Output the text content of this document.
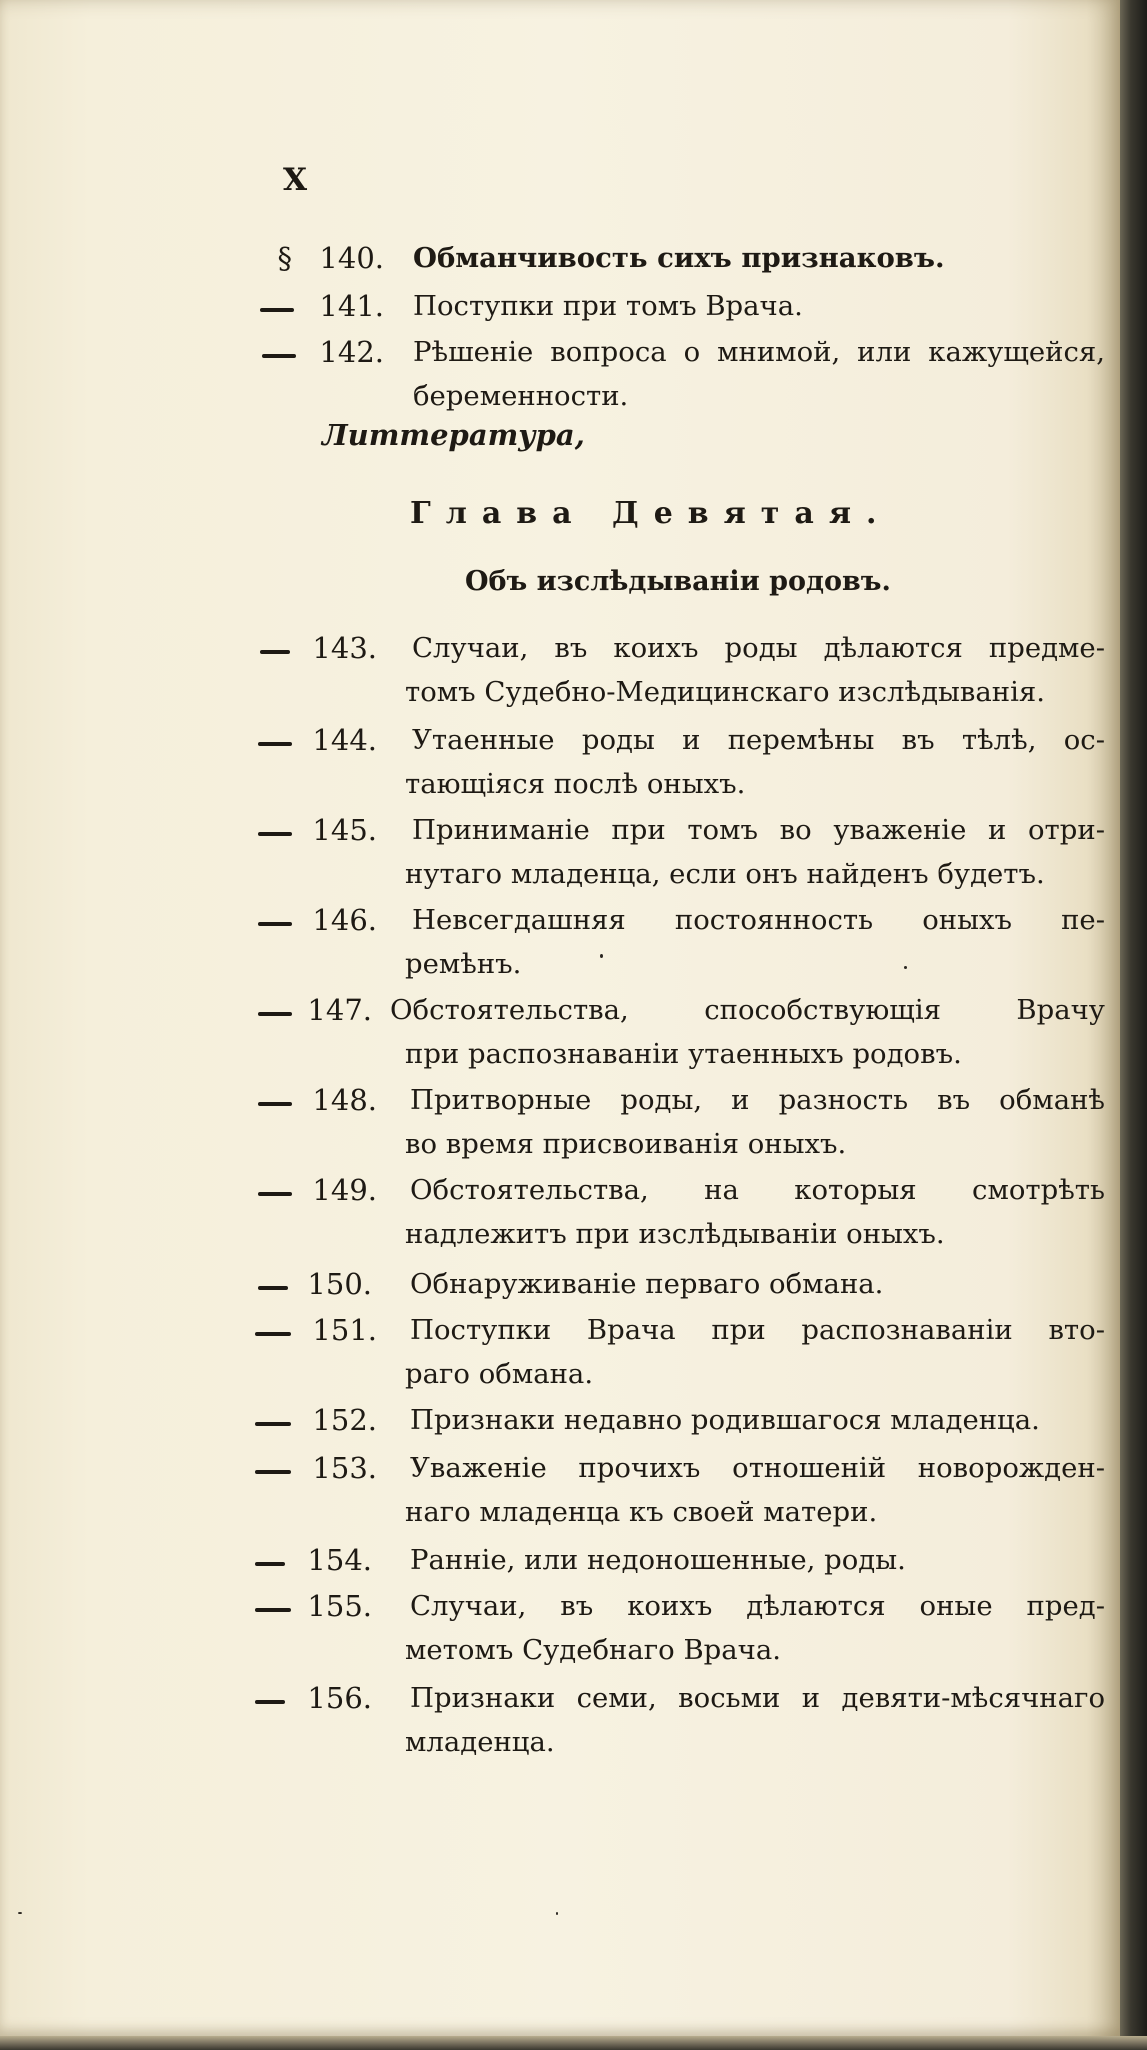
X
§ 140. Обманчивость сихъ признаковъ.
141. Поступки при томъ Врача.
142. Рѣшеніе вопроса о мнимой, или кажущейся,
беременности.
Литтература,
Глава Девятая.
Объ изслѣдываніи родовъ.
143. Случаи, въ коихъ роды дѣлаются предме-
томъ Судебно-Медицинскаго изслѣдыванія.
144. Утаенные роды и перемѣны въ тѣлѣ, ос-
тающіяся послѣ оныхъ.
145. Приниманіе при томъ во уваженіе и отри-
нутаго младенца, если онъ найденъ будетъ.
146. Невсегдашняя постоянность оныхъ пе-
ремѣнъ.
147. Обстоятельства, способствующія Врачу
при распознаваніи утаенныхъ родовъ.
148. Притворные роды, и разность въ обманѣ
во время присвоиванія оныхъ.
149. Обстоятельства, на которыя смотрѣть
надлежитъ при изслѣдываніи оныхъ.
150. Обнаруживаніе перваго обмана.
151. Поступки Врача при распознаваніи вто-
раго обмана.
152. Признаки недавно родившагося младенца.
153. Уваженіе прочихъ отношеній новорожден-
наго младенца къ своей матери.
154. Ранніе, или недоношенные, роды.
155. Случаи, въ коихъ дѣлаются оные пред-
метомъ Судебнаго Врача.
156. Признаки семи, восьми и девяти-мѣсячнаго
младенца.
